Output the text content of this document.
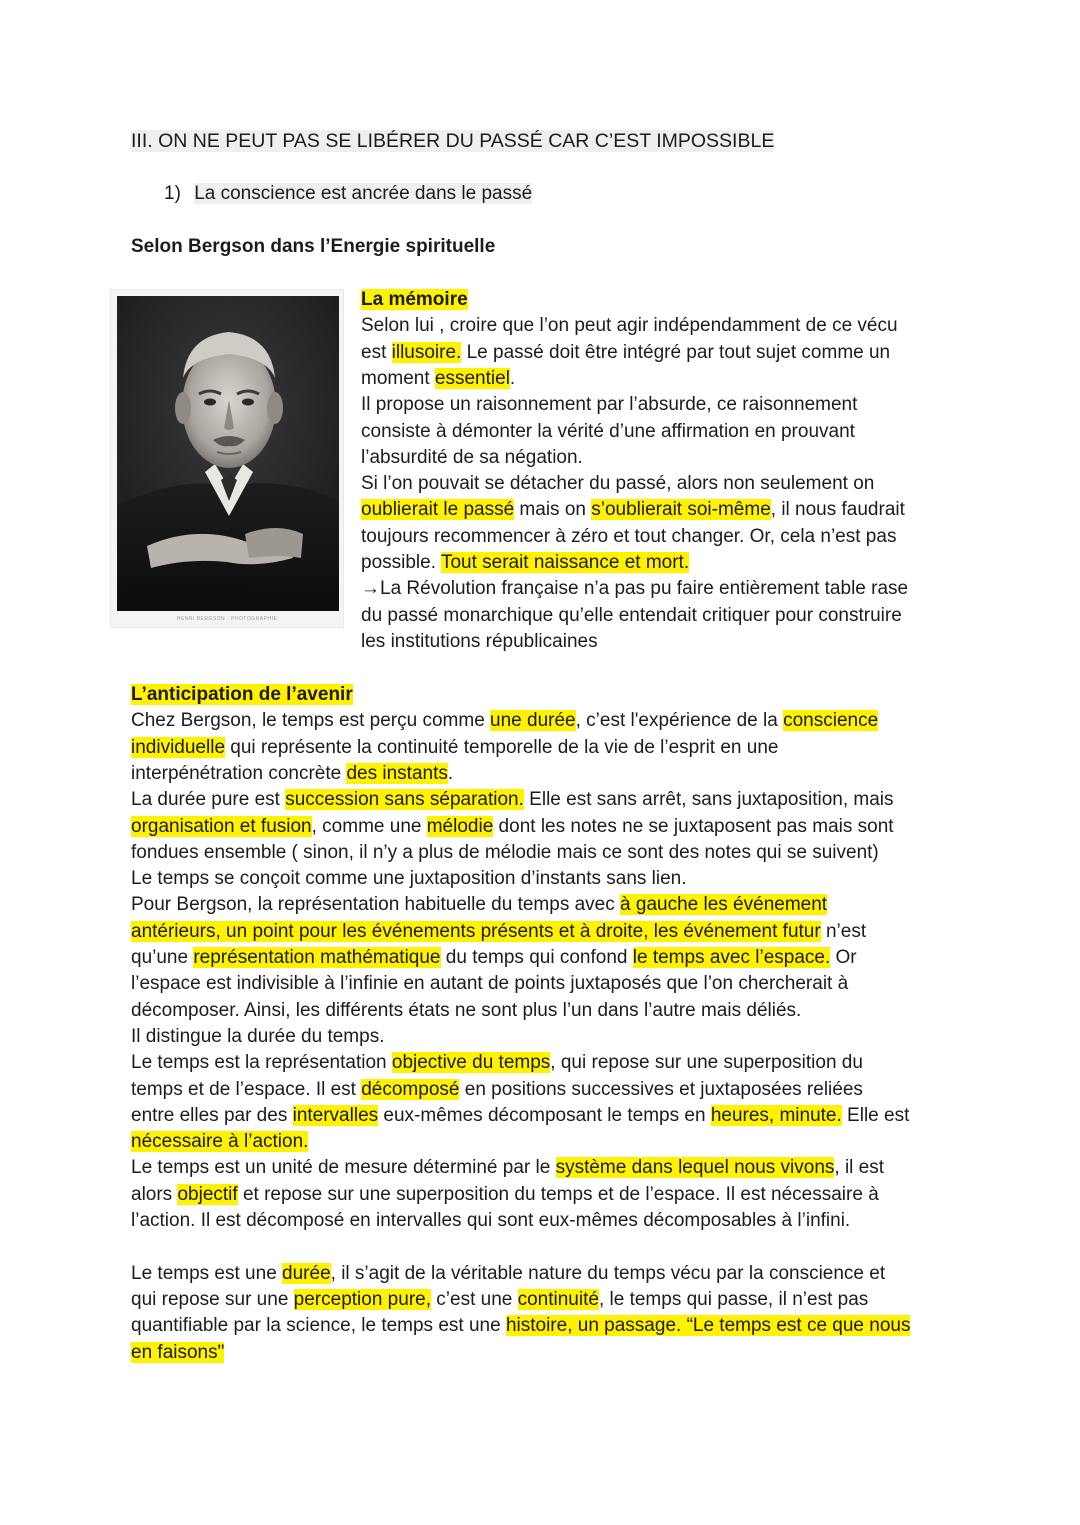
III. ON NE PEUT PAS SE LIBÉRER DU PASSÉ CAR C’EST IMPOSSIBLE
1) La conscience est ancrée dans le passé
Selon Bergson dans l’Energie spirituelle
HENRI BERGSON · PHOTOGRAPHIE
La mémoire
Selon lui , croire que l’on peut agir indépendamment de ce vécu
est illusoire. Le passé doit être intégré par tout sujet comme un
moment essentiel.
Il propose un raisonnement par l’absurde, ce raisonnement
consiste à démonter la vérité d’une affirmation en prouvant
l’absurdité de sa négation.
Si l’on pouvait se détacher du passé, alors non seulement on
oublierait le passé mais on s’oublierait soi-même, il nous faudrait
toujours recommencer à zéro et tout changer. Or, cela n’est pas
possible. Tout serait naissance et mort.
→La Révolution française n’a pas pu faire entièrement table rase
du passé monarchique qu’elle entendait critiquer pour construire
les institutions républicaines
L’anticipation de l’avenir
Chez Bergson, le temps est perçu comme une durée, c’est l'expérience de la conscience
individuelle qui représente la continuité temporelle de la vie de l’esprit en une
interpénétration concrète des instants.
La durée pure est succession sans séparation. Elle est sans arrêt, sans juxtaposition, mais
organisation et fusion, comme une mélodie dont les notes ne se juxtaposent pas mais sont
fondues ensemble ( sinon, il n’y a plus de mélodie mais ce sont des notes qui se suivent)
Le temps se conçoit comme une juxtaposition d’instants sans lien.
Pour Bergson, la représentation habituelle du temps avec à gauche les événement
antérieurs, un point pour les événements présents et à droite, les événement futur n’est
qu’une représentation mathématique du temps qui confond le temps avec l’espace. Or
l’espace est indivisible à l’infinie en autant de points juxtaposés que l’on chercherait à
décomposer. Ainsi, les différents états ne sont plus l’un dans l’autre mais déliés.
Il distingue la durée du temps.
Le temps est la représentation objective du temps, qui repose sur une superposition du
temps et de l’espace. Il est décomposé en positions successives et juxtaposées reliées
entre elles par des intervalles eux-mêmes décomposant le temps en heures, minute. Elle est
nécessaire à l’action.
Le temps est un unité de mesure déterminé par le système dans lequel nous vivons, il est
alors objectif et repose sur une superposition du temps et de l’espace. Il est nécessaire à
l’action. Il est décomposé en intervalles qui sont eux-mêmes décomposables à l’infini.
Le temps est une durée, il s’agit de la véritable nature du temps vécu par la conscience et
qui repose sur une perception pure, c’est une continuité, le temps qui passe, il n’est pas
quantifiable par la science, le temps est une histoire, un passage. “Le temps est ce que nous
en faisons"
